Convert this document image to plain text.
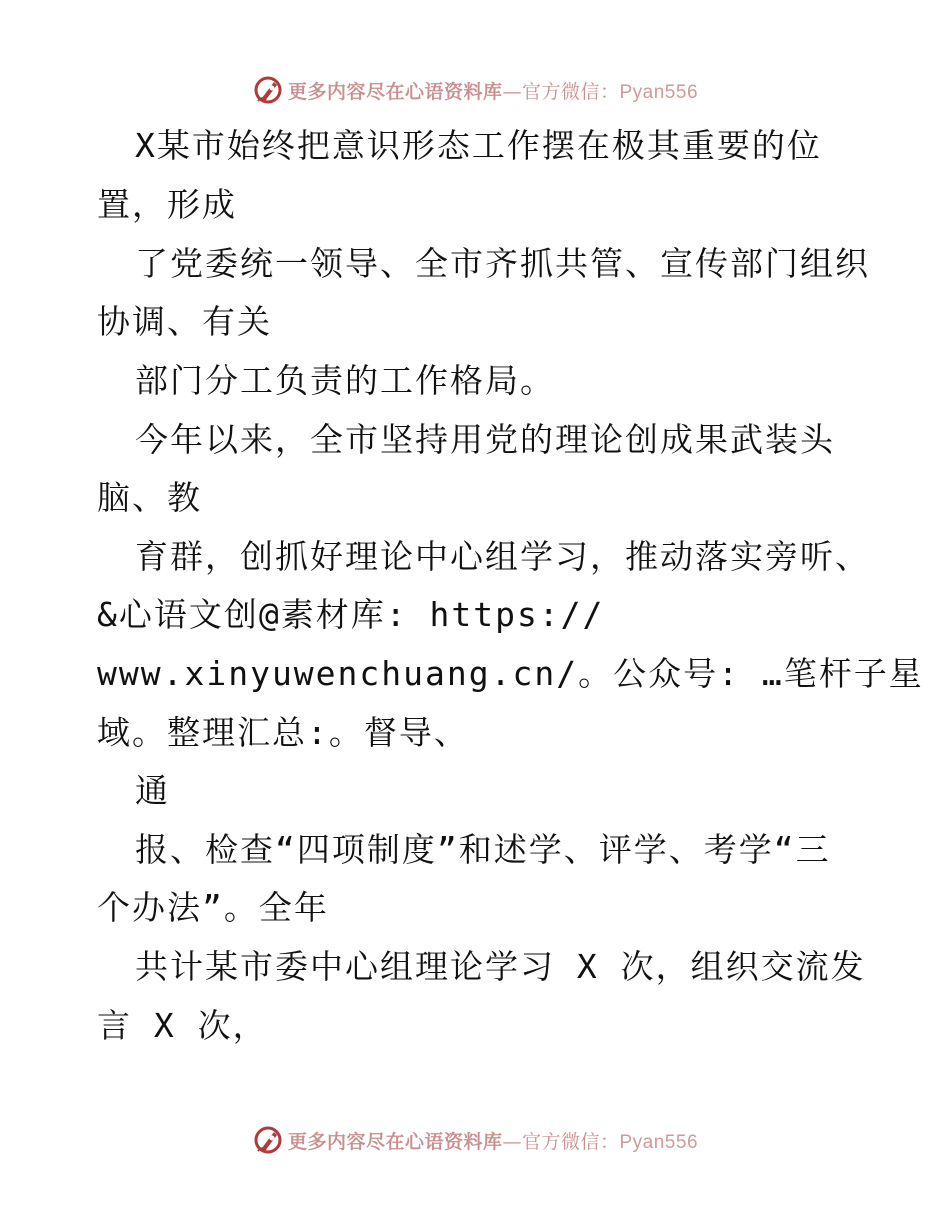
更多内容尽在心语资料库—官方微信：Pyan556
X某市始终把意识形态工作摆在极其重要的位
置，形成
了党委统一领导、全市齐抓共管、宣传部门组织
协调、有关
部门分工负责的工作格局。
今年以来，全市坚持用党的理论创成果武装头
脑、教
育群，创抓好理论中心组学习，推动落实旁听、
&心语文创@素材库: https://
www.xinyuwenchuang.cn/。公众号: …笔杆子星
域。整理汇总:。督导、
通
报、检查“四项制度”和述学、评学、考学“三
个办法”。全年
共计某市委中心组理论学习 X 次，组织交流发
言 X 次，
更多内容尽在心语资料库—官方微信：Pyan556
